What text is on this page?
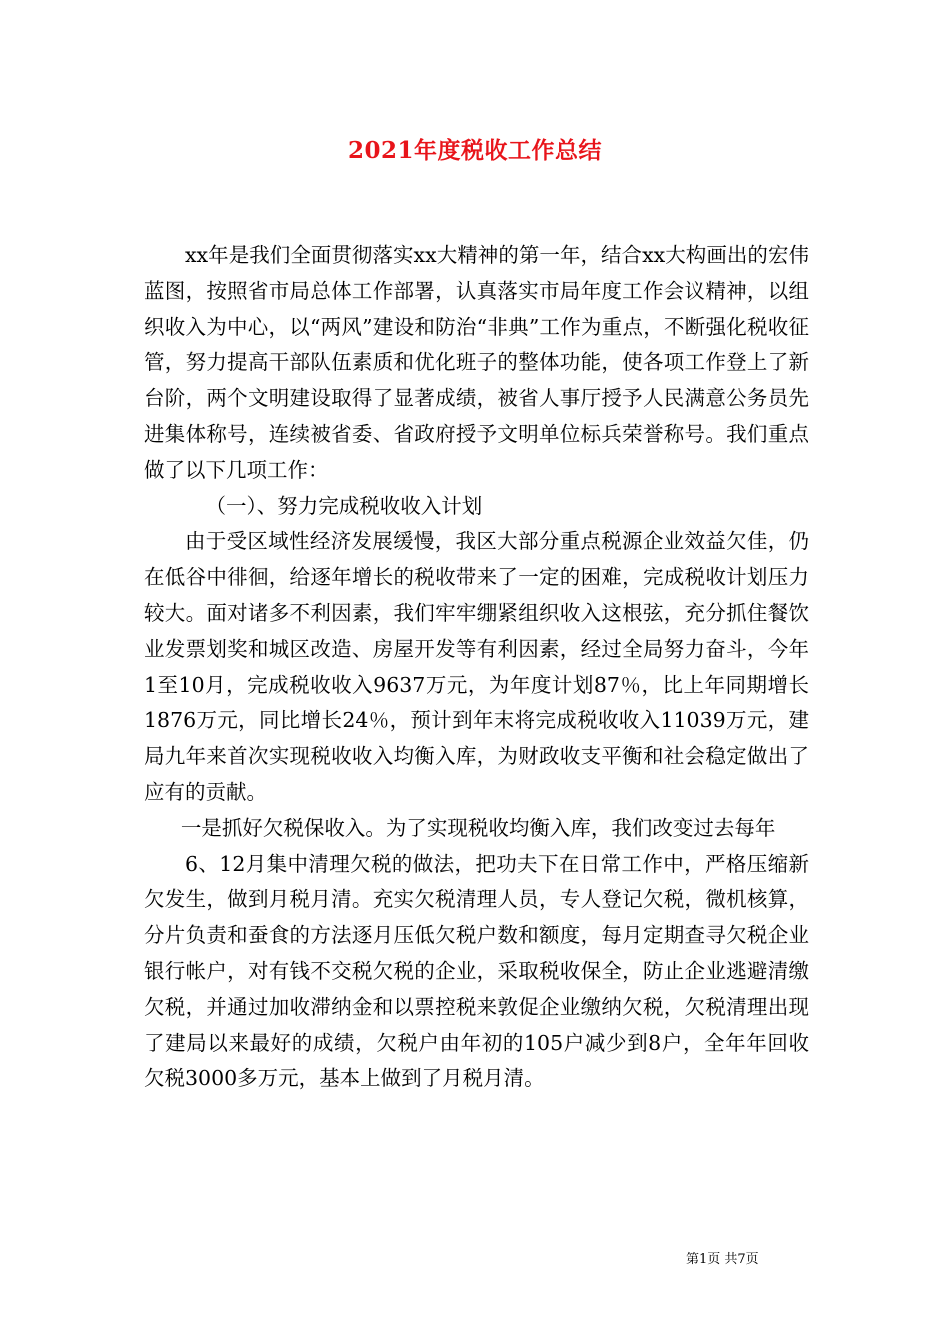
2021年度税收工作总结

xx年是我们全面贯彻落实xx大精神的第一年，结合xx大构画出的宏伟蓝图，按照省市局总体工作部署，认真落实市局年度工作会议精神，以组织收入为中心，以“两风”建设和防治“非典”工作为重点，不断强化税收征管，努力提高干部队伍素质和优化班子的整体功能，使各项工作登上了新台阶，两个文明建设取得了显著成绩，被省人事厅授予人民满意公务员先进集体称号，连续被省委、省政府授予文明单位标兵荣誉称号。我们重点做了以下几项工作：

（一）、努力完成税收收入计划

由于受区域性经济发展缓慢，我区大部分重点税源企业效益欠佳，仍在低谷中徘徊，给逐年增长的税收带来了一定的困难，完成税收计划压力较大。面对诸多不利因素，我们牢牢绷紧组织收入这根弦，充分抓住餐饮业发票划奖和城区改造、房屋开发等有利因素，经过全局努力奋斗，今年1至10月，完成税收收入9637万元，为年度计划87％，比上年同期增长1876万元，同比增长24％，预计到年末将完成税收收入11039万元，建局九年来首次实现税收收入均衡入库，为财政收支平衡和社会稳定做出了应有的贡献。

一是抓好欠税保收入。为了实现税收均衡入库，我们改变过去每年

6、12月集中清理欠税的做法，把功夫下在日常工作中，严格压缩新欠发生，做到月税月清。充实欠税清理人员，专人登记欠税，微机核算，分片负责和蚕食的方法逐月压低欠税户数和额度，每月定期查寻欠税企业银行帐户，对有钱不交税欠税的企业，采取税收保全，防止企业逃避清缴欠税，并通过加收滞纳金和以票控税来敦促企业缴纳欠税，欠税清理出现了建局以来最好的成绩，欠税户由年初的105户减少到8户，全年年回收欠税3000多万元，基本上做到了月税月清。

第1页 共7页
